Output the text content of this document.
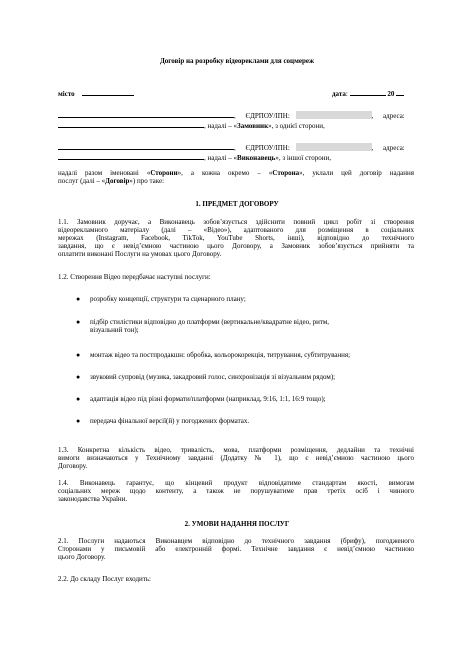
Договір на розробку відеореклами для соцмереж
місто	дата:	20
, ЄДРПОУ/ІПН:	, адреса:
, надалі – «Замовник», з однієї сторони,
, ЄДРПОУ/ІПН:	, адреса:
, надалі – «Виконавець», з іншої сторони,
надалі разом іменовані «Сторони», а кожна окремо – «Сторона», уклали цей договір надання
послуг (далі – «Договір») про таке:
1. ПРЕДМЕТ ДОГОВОРУ
1.1. Замовник доручає, а Виконавець зобов’язується здійснити повний цикл робіт зі створення
відеорекламного матеріалу (далі – «Відео»), адаптованого для розміщення в соціальних
мережах (Instagram, Facebook, TikTok, YouTube Shorts, інші), відповідно до технічного
завдання, що є невід’ємною частиною цього Договору, а Замовник зобов’язується прийняти та
оплатити виконані Послуги на умовах цього Договору.
1.2. Створення Відео передбачає наступні послуги:
● розробку концепції, структури та сценарного плану;
● підбір стилістики відповідно до платформи (вертикальне/квадратне відео, ритм,
візуальний тон);
● монтаж відео та постпродакшн: обробка, кольорокорекція, титрування, субтитрування;
● звуковий супровід (музика, закадровий голос, синхронізація зі візуальним рядом);
● адаптація відео під різні формати/платформи (наприклад, 9:16, 1:1, 16:9 тощо);
● передача фінальної версії(й) у погоджених форматах.
1.3. Конкретна кількість відео, тривалість, мова, платформи розміщення, дедлайни та технічні
вимоги визначаються у Технічному завданні (Додатку № 1), що є невід’ємною частиною цього
Договору.
1.4. Виконавець гарантує, що кінцевий продукт відповідатиме стандартам якості, вимогам
соціальних мереж щодо контенту, а також не порушуватиме прав третіх осіб і чинного
законодавства України.
2. УМОВИ НАДАННЯ ПОСЛУГ
2.1. Послуги надаються Виконавцем відповідно до технічного завдання (брифу), погодженого
Сторонами у письмовій або електронній формі. Технічне завдання є невід’ємною частиною
цього Договору.
2.2. До складу Послуг входить:
